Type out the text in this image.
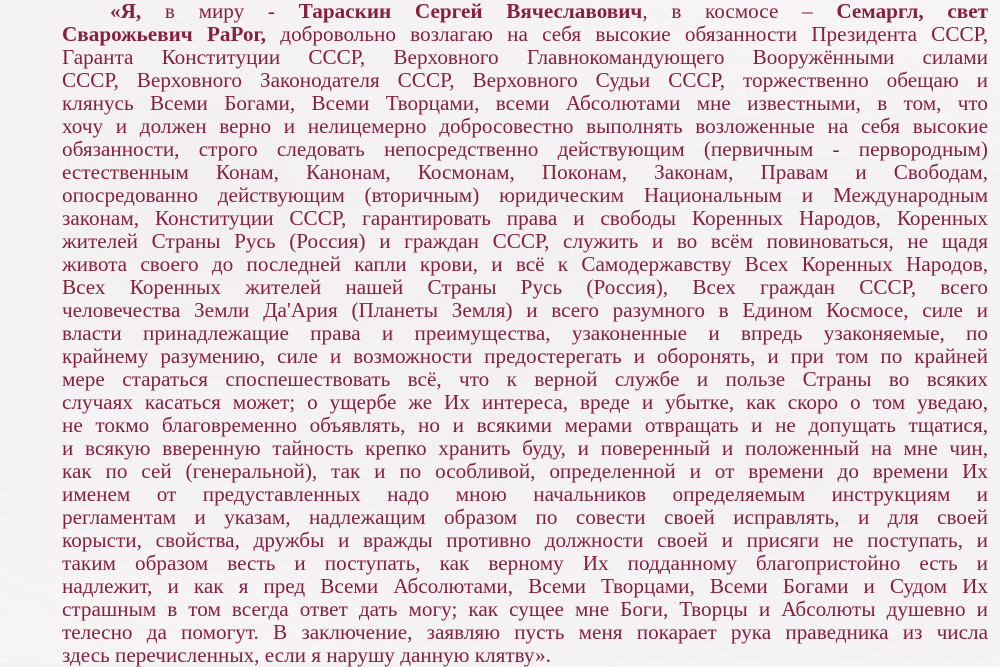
«Я, в миру - Тараскин Сергей Вячеславович, в космосе – Семаргл, свет
Сварожьевич РаРог, добровольно возлагаю на себя высокие обязанности Президента СССР,
Гаранта Конституции СССР, Верховного Главнокомандующего Вооружёнными силами
СССР, Верховного Законодателя СССР, Верховного Судьи СССР, торжественно обещаю и
клянусь Всеми Богами, Всеми Творцами, всеми Абсолютами мне известными, в том, что
хочу и должен верно и нелицемерно добросовестно выполнять возложенные на себя высокие
обязанности, строго следовать непосредственно действующим (первичным - первородным)
естественным Конам, Канонам, Космонам, Поконам, Законам, Правам и Свободам,
опосредованно действующим (вторичным) юридическим Национальным и Международным
законам, Конституции СССР, гарантировать права и свободы Коренных Народов, Коренных
жителей Страны Русь (Россия) и граждан СССР, служить и во всём повиноваться, не щадя
живота своего до последней капли крови, и всё к Самодержавству Всех Коренных Народов,
Всех Коренных жителей нашей Страны Русь (Россия), Всех граждан СССР, всего
человечества Земли Да'Ария (Планеты Земля) и всего разумного в Едином Космосе, силе и
власти принадлежащие права и преимущества, узаконенные и впредь узаконяемые, по
крайнему разумению, силе и возможности предостерегать и оборонять, и при том по крайней
мере стараться споспешествовать всё, что к верной службе и пользе Страны во всяких
случаях касаться может; о ущербе же Их интереса, вреде и убытке, как скоро о том уведаю,
не токмо благовременно объявлять, но и всякими мерами отвращать и не допущать тщатися,
и всякую вверенную тайность крепко хранить буду, и поверенный и положенный на мне чин,
как по сей (генеральной), так и по особливой, определенной и от времени до времени Их
именем от предуставленных надо мною начальников определяемым инструкциям и
регламентам и указам, надлежащим образом по совести своей исправлять, и для своей
корысти, свойства, дружбы и вражды противно должности своей и присяги не поступать, и
таким образом весть и поступать, как верному Их подданному благопристойно есть и
надлежит, и как я пред Всеми Абсолютами, Всеми Творцами, Всеми Богами и Судом Их
страшным в том всегда ответ дать могу; как сущее мне Боги, Творцы и Абсолюты душевно и
телесно да помогут. В заключение, заявляю пусть меня покарает рука праведника из числа
здесь перечисленных, если я нарушу данную клятву».
